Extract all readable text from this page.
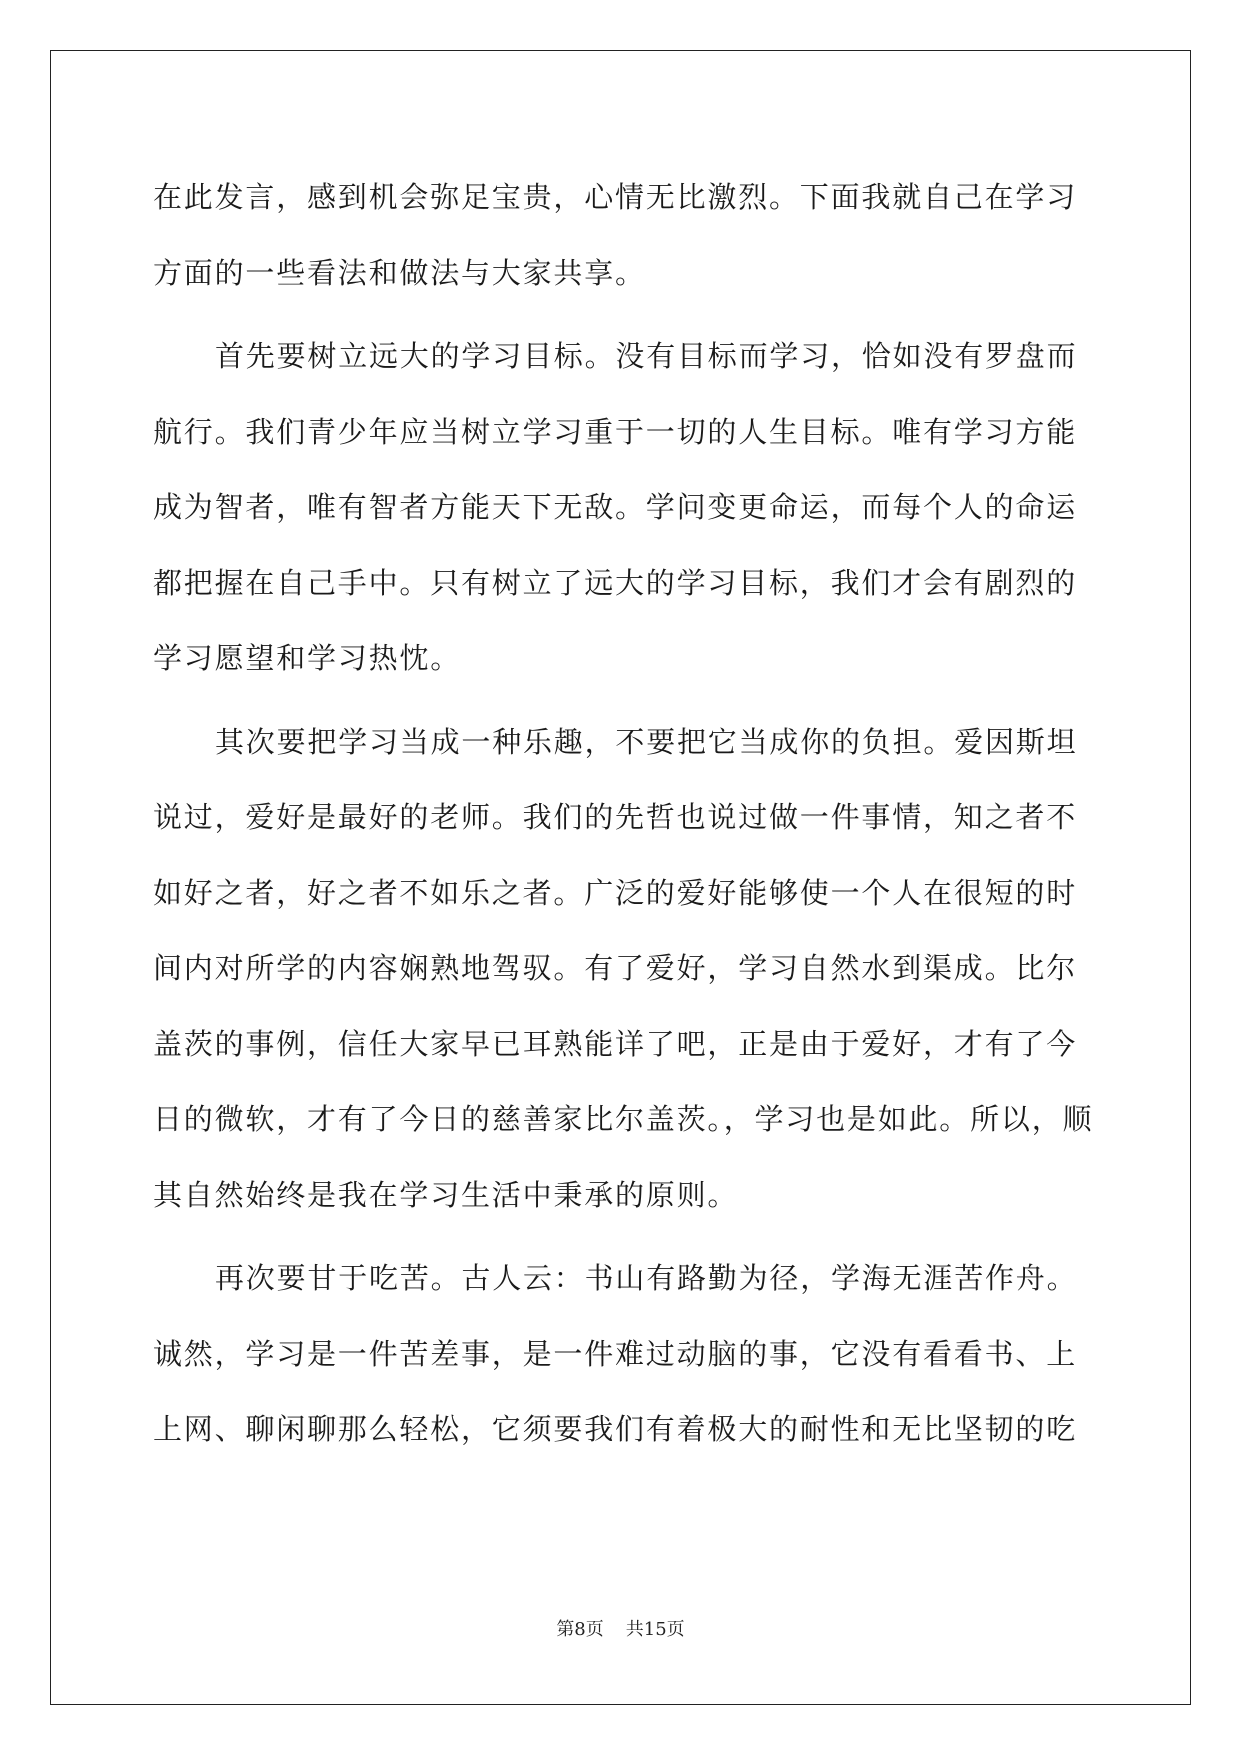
在此发言，感到机会弥足宝贵，心情无比激烈。下面我就自己在学习
方面的一些看法和做法与大家共享。
首先要树立远大的学习目标。没有目标而学习，恰如没有罗盘而
航行。我们青少年应当树立学习重于一切的人生目标。唯有学习方能
成为智者，唯有智者方能天下无敌。学问变更命运，而每个人的命运
都把握在自己手中。只有树立了远大的学习目标，我们才会有剧烈的
学习愿望和学习热忱。
其次要把学习当成一种乐趣，不要把它当成你的负担。爱因斯坦
说过，爱好是最好的老师。我们的先哲也说过做一件事情，知之者不
如好之者，好之者不如乐之者。广泛的爱好能够使一个人在很短的时
间内对所学的内容娴熟地驾驭。有了爱好，学习自然水到渠成。比尔
盖茨的事例，信任大家早已耳熟能详了吧，正是由于爱好，才有了今
日的微软，才有了今日的慈善家比尔盖茨。，学习也是如此。所以，顺
其自然始终是我在学习生活中秉承的原则。
再次要甘于吃苦。古人云：书山有路勤为径，学海无涯苦作舟。
诚然，学习是一件苦差事，是一件难过动脑的事，它没有看看书、上
上网、聊闲聊那么轻松，它须要我们有着极大的耐性和无比坚韧的吃
第8页 共15页
